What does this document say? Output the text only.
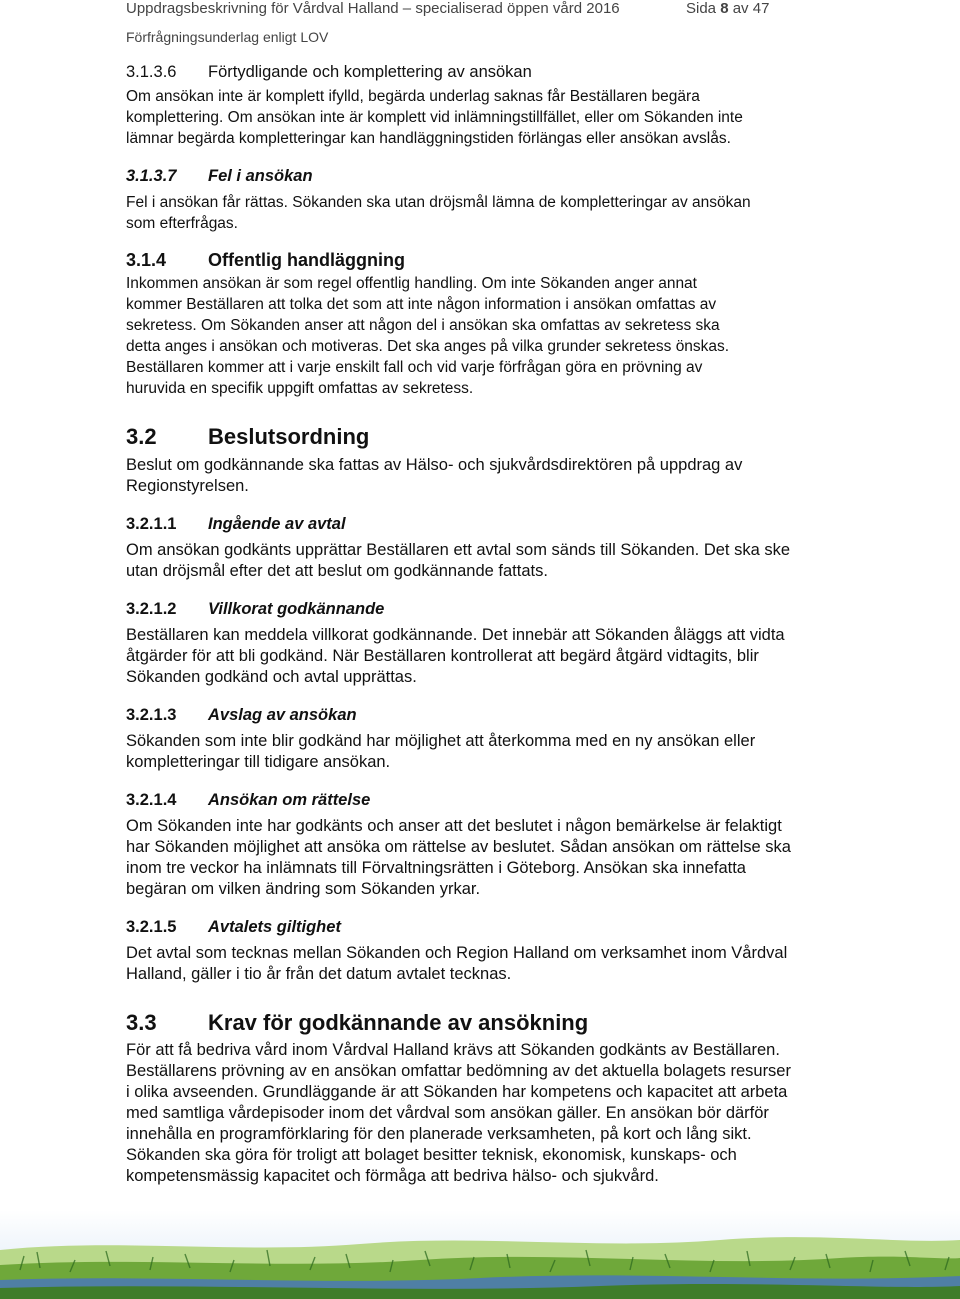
Uppdragsbeskrivning för Vårdval Halland – specialiserad öppen vård 2016	Sida 8 av 47
Förfrågningsunderlag enligt LOV
3.1.3.6	Förtydligande och komplettering av ansökan

Om ansökan inte är komplett ifylld, begärda underlag saknas får Beställaren begära

komplettering. Om ansökan inte är komplett vid inlämningstillfället, eller om Sökanden inte

lämnar begärda kompletteringar kan handläggningstiden förlängas eller ansökan avslås.

3.1.3.7	Fel i ansökan

Fel i ansökan får rättas. Sökanden ska utan dröjsmål lämna de kompletteringar av ansökan

som efterfrågas.

3.1.4	Offentlig handläggning

Inkommen ansökan är som regel offentlig handling. Om inte Sökanden anger annat

kommer Beställaren att tolka det som att inte någon information i ansökan omfattas av

sekretess. Om Sökanden anser att någon del i ansökan ska omfattas av sekretess ska

detta anges i ansökan och motiveras. Det ska anges på vilka grunder sekretess önskas.

Beställaren kommer att i varje enskilt fall och vid varje förfrågan göra en prövning av

huruvida en specifik uppgift omfattas av sekretess.

3.2	Beslutsordning

Beslut om godkännande ska fattas av Hälso- och sjukvårdsdirektören på uppdrag av

Regionstyrelsen.

3.2.1.1	Ingående av avtal

Om ansökan godkänts upprättar Beställaren ett avtal som sänds till Sökanden. Det ska ske

utan dröjsmål efter det att beslut om godkännande fattats.

3.2.1.2	Villkorat godkännande

Beställaren kan meddela villkorat godkännande. Det innebär att Sökanden åläggs att vidta

åtgärder för att bli godkänd. När Beställaren kontrollerat att begärd åtgärd vidtagits, blir

Sökanden godkänd och avtal upprättas.

3.2.1.3	Avslag av ansökan

Sökanden som inte blir godkänd har möjlighet att återkomma med en ny ansökan eller

kompletteringar till tidigare ansökan.

3.2.1.4	Ansökan om rättelse

Om Sökanden inte har godkänts och anser att det beslutet i någon bemärkelse är felaktigt

har Sökanden möjlighet att ansöka om rättelse av beslutet. Sådan ansökan om rättelse ska

inom tre veckor ha inlämnats till Förvaltningsrätten i Göteborg. Ansökan ska innefatta

begäran om vilken ändring som Sökanden yrkar.

3.2.1.5	Avtalets giltighet

Det avtal som tecknas mellan Sökanden och Region Halland om verksamhet inom Vårdval

Halland, gäller i tio år från det datum avtalet tecknas.

3.3	Krav för godkännande av ansökning

För att få bedriva vård inom Vårdval Halland krävs att Sökanden godkänts av Beställaren.

Beställarens prövning av en ansökan omfattar bedömning av det aktuella bolagets resurser

i olika avseenden. Grundläggande är att Sökanden har kompetens och kapacitet att arbeta

med samtliga vårdepisoder inom det vårdval som ansökan gäller. En ansökan bör därför

innehålla en programförklaring för den planerade verksamheten, på kort och lång sikt.

Sökanden ska göra för troligt att bolaget besitter teknisk, ekonomisk, kunskaps- och

kompetensmässig kapacitet och förmåga att bedriva hälso- och sjukvård.
